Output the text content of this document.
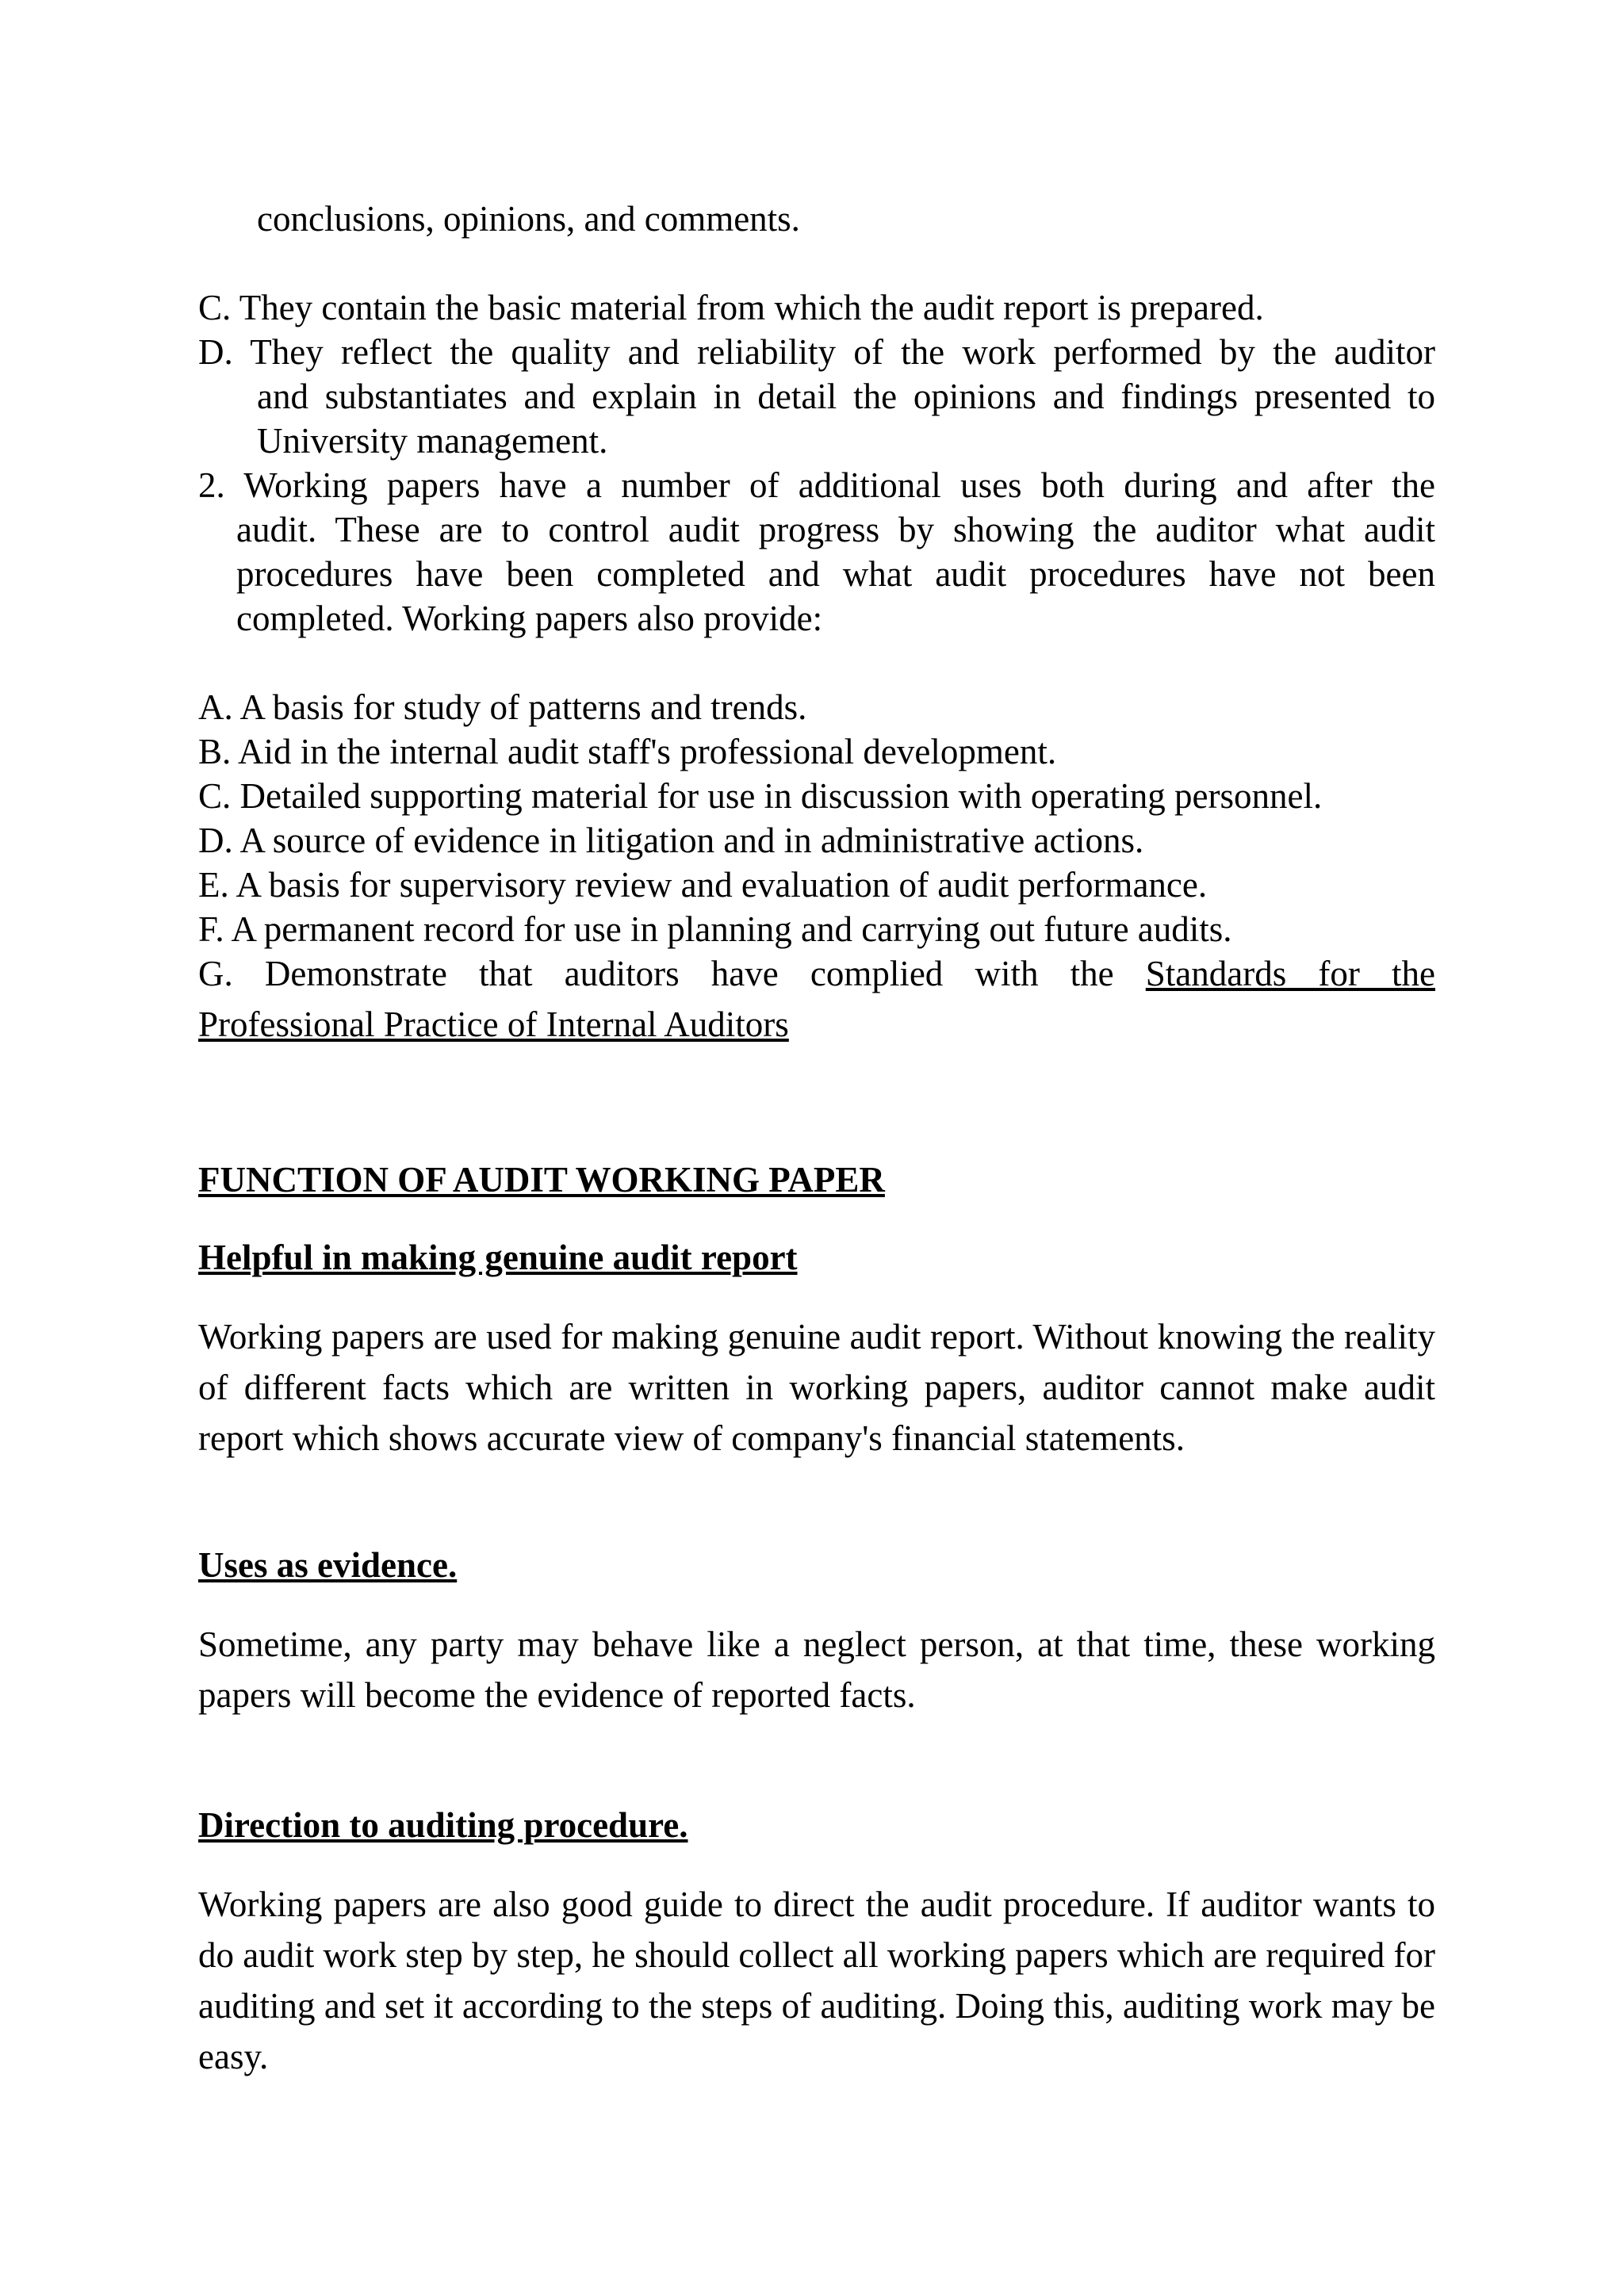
conclusions, opinions, and comments.
C. They contain the basic material from which the audit report is prepared.
D. They reflect the quality and reliability of the work performed by the auditor
and substantiates and explain in detail the opinions and findings presented to
University management.
2. Working papers have a number of additional uses both during and after the
audit. These are to control audit progress by showing the auditor what audit
procedures have been completed and what audit procedures have not been
completed. Working papers also provide:
A. A basis for study of patterns and trends.
B. Aid in the internal audit staff's professional development.
C. Detailed supporting material for use in discussion with operating personnel.
D. A source of evidence in litigation and in administrative actions.
E. A basis for supervisory review and evaluation of audit performance.
F. A permanent record for use in planning and carrying out future audits.
G. Demonstrate that auditors have complied with the Standards for the
Professional Practice of Internal Auditors
FUNCTION OF AUDIT WORKING PAPER
Helpful in making genuine audit report
Working papers are used for making genuine audit report. Without knowing the reality of different facts which are written in working papers, auditor cannot make audit report which shows accurate view of company's financial statements.
Uses as evidence.
Sometime, any party may behave like a neglect person, at that time, these working papers will become the evidence of reported facts.
Direction to auditing procedure.
Working papers are also good guide to direct the audit procedure. If auditor wants to do audit work step by step, he should collect all working papers which are required for auditing and set it according to the steps of auditing. Doing this, auditing work may be easy.
